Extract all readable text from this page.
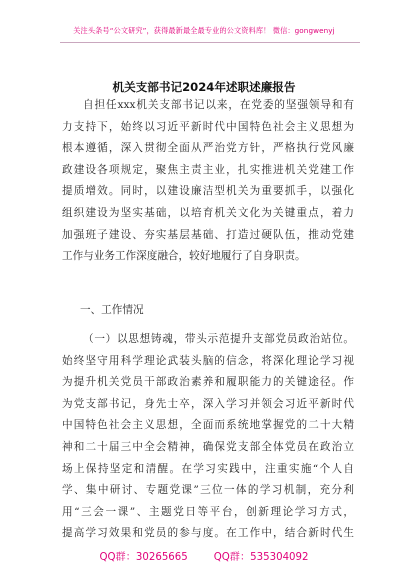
关注头条号“公文研究”，获得最新最全最专业的公文资料库！ 微信：gongwenyj
机关支部书记2024年述职述廉报告
自担任xxx机关支部书记以来，在党委的坚强领导和有
力支持下，始终以习近平新时代中国特色社会主义思想为
根本遵循，深入贯彻全面从严治党方针，严格执行党风廉
政建设各项规定，聚焦主责主业，扎实推进机关党建工作
提质增效。同时，以建设廉洁型机关为重要抓手，以强化
组织建设为坚实基础，以培育机关文化为关键重点，着力
加强班子建设、夯实基层基础、打造过硬队伍，推动党建
工作与业务工作深度融合，较好地履行了自身职责。
一、工作情况
（一）以思想铸魂，带头示范提升支部党员政治站位。
始终坚守用科学理论武装头脑的信念，将深化理论学习视
为提升机关党员干部政治素养和履职能力的关键途径。作
为党支部书记，身先士卒，深入学习并领会习近平新时代
中国特色社会主义思想，全面而系统地掌握党的二十大精
神和二十届三中全会精神，确保党支部全体党员在政治立
场上保持坚定和清醒。在学习实践中，注重实施“个人自
学、集中研讨、专题党课”三位一体的学习机制，充分利
用“三会一课”、主题党日等平台，创新理论学习方式，
提高学习效果和党员的参与度。在工作中，结合新时代生
QQ群：30265665	QQ群：535304092
